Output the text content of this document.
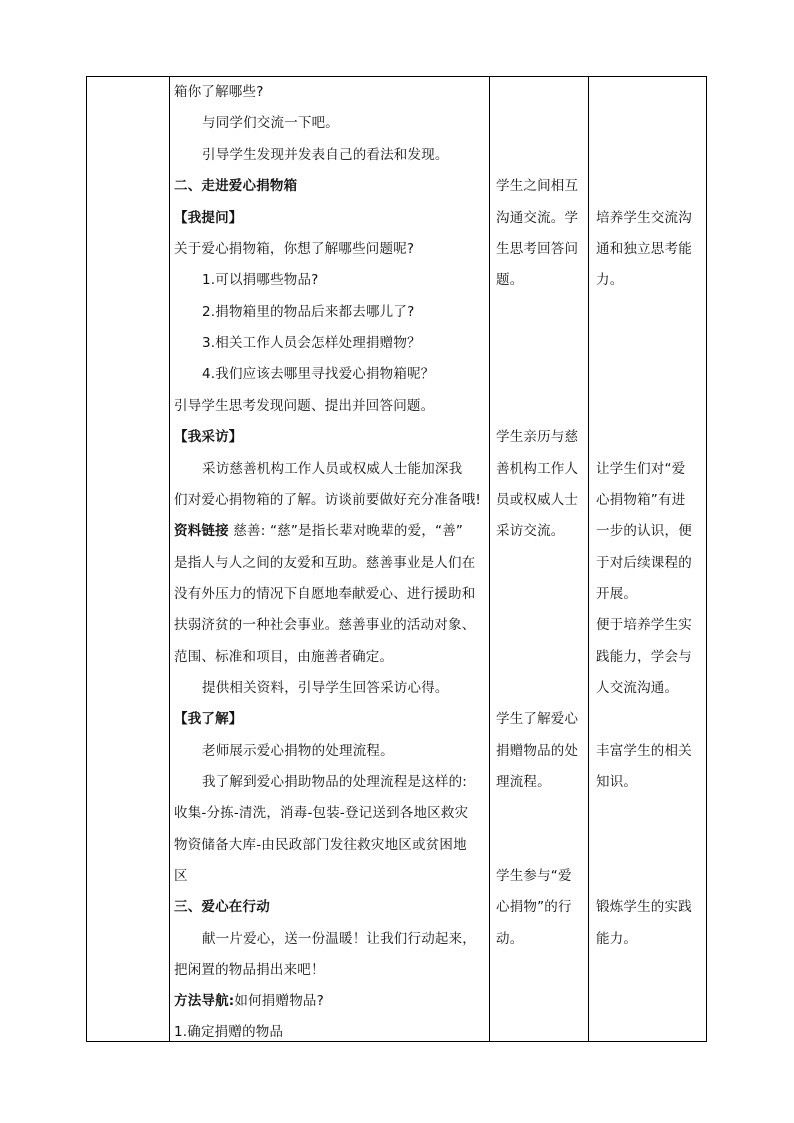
箱你了解哪些?
与同学们交流一下吧。
引导学生发现并发表自己的看法和发现。
二、走进爱心捐物箱
【我提问】
关于爱心捐物箱，你想了解哪些问题呢?
1.可以捐哪些物品?
2.捐物箱里的物品后来都去哪儿了?
3.相关工作人员会怎样处理捐赠物？
4.我们应该去哪里寻找爱心捐物箱呢？
引导学生思考发现问题、提出并回答问题。
【我采访】
采访慈善机构工作人员或权威人士能加深我
们对爱心捐物箱的了解。访谈前要做好充分准备哦!
资料链接 慈善: “慈”是指长辈对晚辈的爱，“善”
是指人与人之间的友爱和互助。慈善事业是人们在
没有外压力的情况下自愿地奉献爱心、进行援助和
扶弱济贫的一种社会事业。慈善事业的活动对象、
范围、标准和项目，由施善者确定。
提供相关资料，引导学生回答采访心得。
【我了解】
老师展示爱心捐物的处理流程。
我了解到爱心捐助物品的处理流程是这样的:
收集-分拣-清洗，消毒-包装-登记送到各地区救灾
物资储备大库-由民政部门发往救灾地区或贫困地
区
三、爱心在行动
献一片爱心，送一份温暖！让我们行动起来，
把闲置的物品捐出来吧！
方法导航:如何捐赠物品?
1.确定捐赠的物品
学生之间相互
沟通交流。学
生思考回答问
题。
学生亲历与慈
善机构工作人
员或权威人士
采访交流。
学生了解爱心
捐赠物品的处
理流程。
学生参与“爱
心捐物”的行
动。
培养学生交流沟
通和独立思考能
力。
让学生们对“爱
心捐物箱”有进
一步的认识，便
于对后续课程的
开展。
便于培养学生实
践能力，学会与
人交流沟通。
丰富学生的相关
知识。
锻炼学生的实践
能力。
